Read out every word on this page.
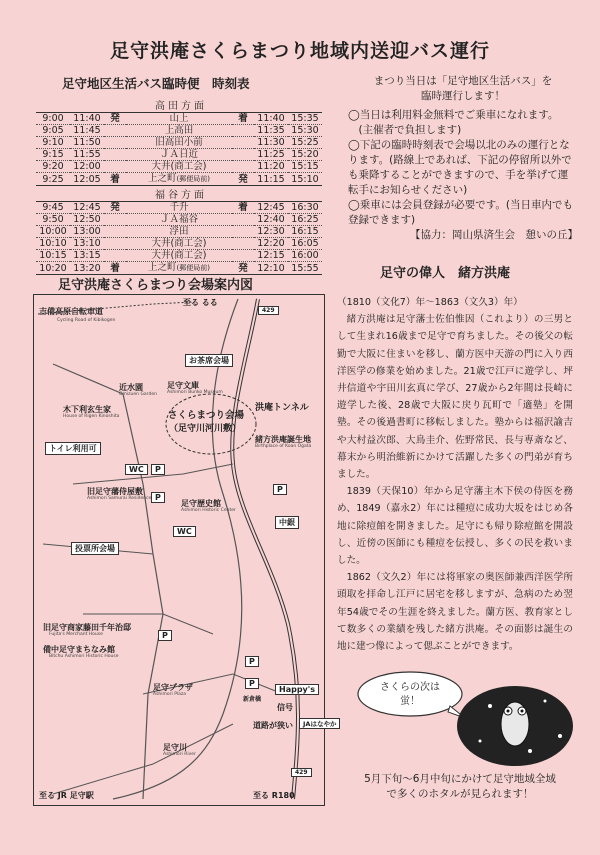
足守洪庵さくらまつり地域内送迎バス運行
足守地区生活バス臨時便　時刻表
高田方面
9:00	11:40	発	山上	着	11:40	15:35
9:05	11:45		上高田		11:35	15:30
9:10	11:50		旧高田小前		11:30	15:25
9:15	11:55		ＪＡ日近		11:25	15:20
9:20	12:00		大井(商工会)		11:20	15:15
9:25	12:05	着	上之町(郵便局前)	発	11:15	15:10
福谷方面
9:45	12:45	発	千升	着	12:45	16:30
9:50	12:50		ＪＡ福谷		12:40	16:25
10:00	13:00		浮田		12:30	16:15
10:10	13:10		大井(商工会)		12:20	16:05
10:15	13:15		大井(商工会)		12:15	16:00
10:20	13:20	着	上之町(郵便局前)	発	12:10	15:55
まつり当日は「足守地区生活バス」を
臨時運行します！
◯当日は利用料金無料でご乗車になれます。
　(主催者で負担します)
◯下記の臨時時刻表で会場以北のみの運行となります。(路線上であれば、下記の停留所以外でも乗降することができますので、手を挙げて運転手にお知らせください)
◯乗車には会員登録が必要です。(当日車内でも登録できます)
【協力：岡山県済生会　憩いの丘】
足守洪庵さくらまつり会場案内図
至る るる
429
吉備高原自転車道
Cycling Road of Kibikogen
お茶席会場
近水園
Omizuen Garden
足守文庫
Ashimori Bunko Museum
さくらまつり会場
（足守川河川敷）
洪庵トンネル
木下利玄生家
House of Rigen Kinoshita
トイレ利用可
緒方洪庵誕生地
Birthplace of Koan Ogata
旧足守藩侍屋敷
Ashimori Samurai Residence
足守歴史館
Ashimori Historic Center
中銀
投票所会場
旧足守商家藤田千年治邸
Fujita's Merchant House
備中足守まちなみ館
Bitchu Ashimori Historic House
足守プラザ
Ashimori Plaza
Happy's
信号
新倉橋
道路が狭い	JAはなやか
足守川
Ashimori River
429
至る JR 足守駅	至る R180
P
P
P
P
P
P
WC
WC
足守の偉人　緒方洪庵

（1810（文化7）年～1863（文久3）年）

緒方洪庵は足守藩士佐伯惟因（これより）の三男として生まれ16歳まで足守で育ちました。その後父の転勤で大阪に住まいを移し、蘭方医中天游の門に入り西洋医学の修業を始めました。21歳で江戸に遊学し、坪井信道や宇田川玄真に学び、27歳から2年間は長崎に遊学した後、28歳で大阪に戻り瓦町で「適塾」を開塾。その後過書町に移転しました。塾からは福沢諭吉や大村益次郎、大鳥圭介、佐野常民、長与専斎など、幕末から明治維新にかけて活躍した多くの門弟が育ちました。

1839（天保10）年から足守藩主木下侯の侍医を務め、1849（嘉永2）年には種痘に成功大坂をはじめ各地に除痘館を開きました。足守にも帰り除痘館を開設し、近傍の医師にも種痘を伝授し、多くの民を救いました。

1862（文久2）年には将軍家の奥医師兼西洋医学所頭取を拝命し江戸に居宅を移しますが、急病のため翌年54歳でその生涯を終えました。蘭方医、教育家として数多くの業績を残した緒方洪庵。その面影は誕生の地に建つ像によって偲ぶことができます。

さくらの次は
蛍！
5月下旬～6月中旬にかけて足守地域全域
で多くのホタルが見られます！
